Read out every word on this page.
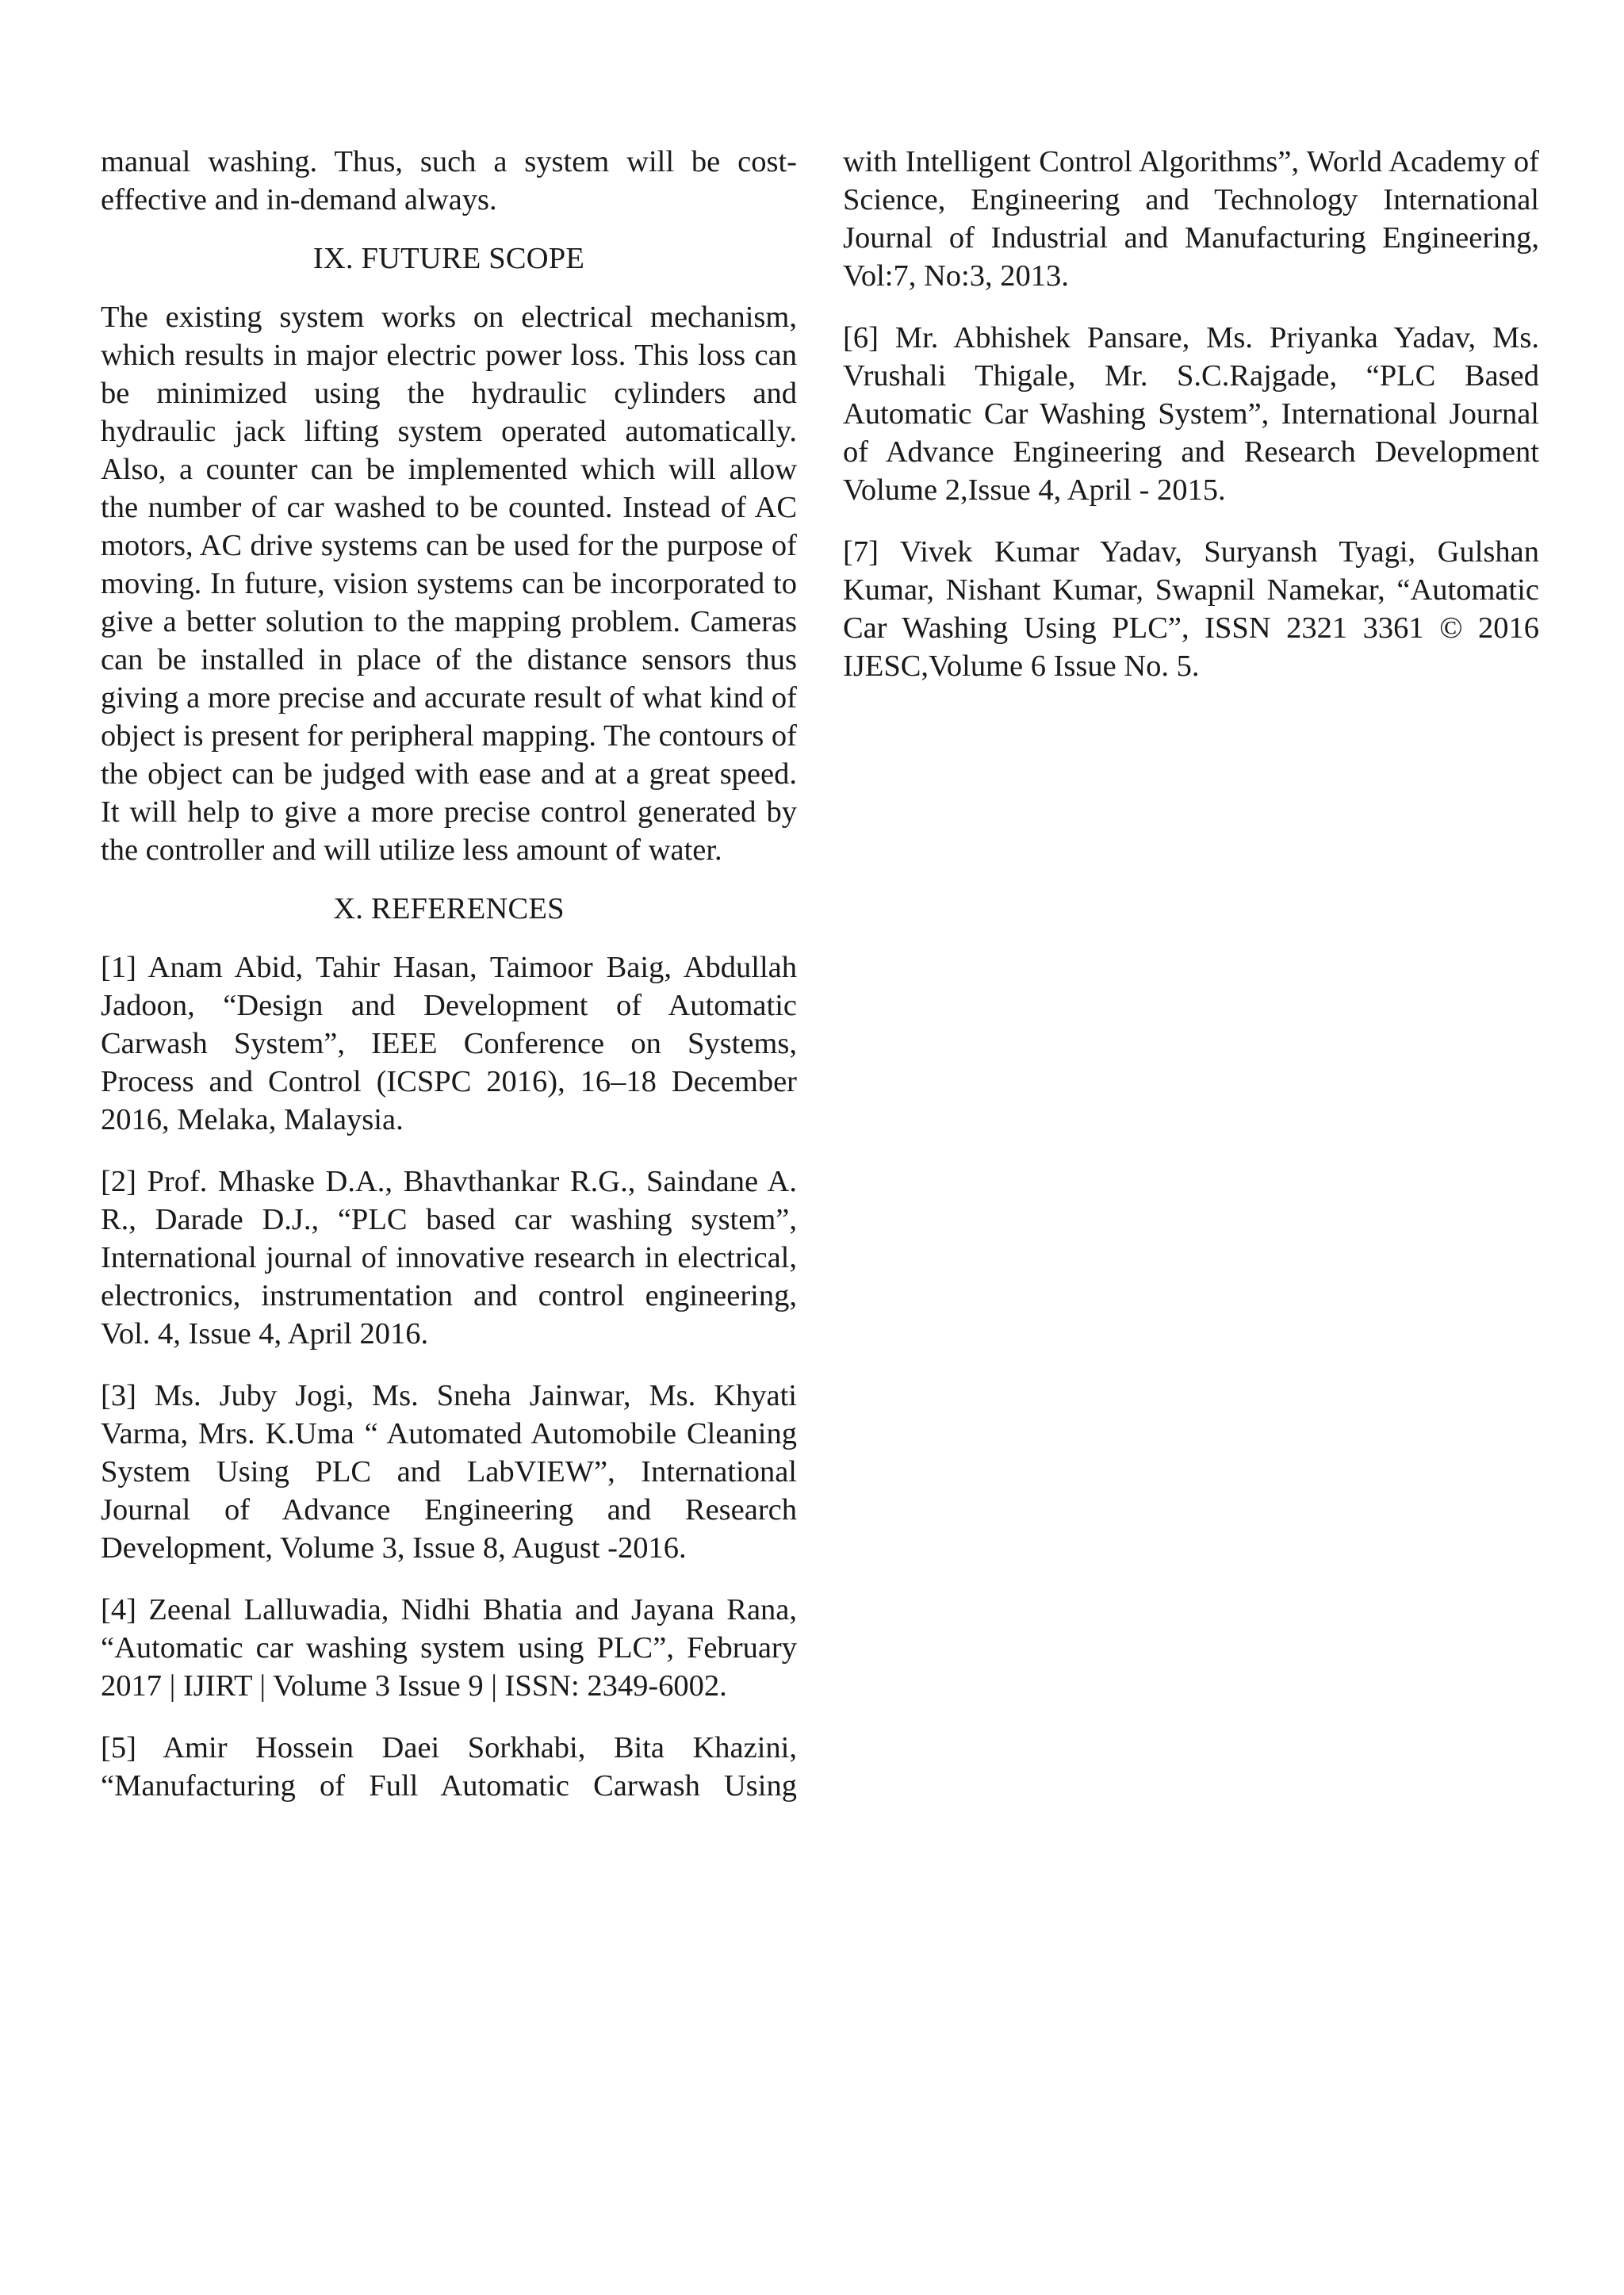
manual washing. Thus, such a system will be cost-effective and in-demand always.

IX. FUTURE SCOPE

The existing system works on electrical mechanism, which results in major electric power loss. This loss can be minimized using the hydraulic cylinders and hydraulic jack lifting system operated automatically. Also, a counter can be implemented which will allow the number of car washed to be counted. Instead of AC motors, AC drive systems can be used for the purpose of moving. In future, vision systems can be incorporated to give a better solution to the mapping problem. Cameras can be installed in place of the distance sensors thus giving a more precise and accurate result of what kind of object is present for peripheral mapping. The contours of the object can be judged with ease and at a great speed. It will help to give a more precise control generated by the controller and will utilize less amount of water.

X. REFERENCES

[1] Anam Abid, Tahir Hasan, Taimoor Baig, Abdullah Jadoon, “Design and Development of Automatic Carwash System”, IEEE Conference on Systems, Process and Control (ICSPC 2016), 16–18 December 2016, Melaka, Malaysia.

[2] Prof. Mhaske D.A., Bhavthankar R.G., Saindane A. R., Darade D.J., “PLC based car washing system”, International journal of innovative research in electrical, electronics, instrumentation and control engineering, Vol. 4, Issue 4, April 2016.

[3] Ms. Juby Jogi, Ms. Sneha Jainwar, Ms. Khyati Varma, Mrs. K.Uma “ Automated Automobile Cleaning System Using PLC and LabVIEW”, International Journal of Advance Engineering and Research Development, Volume 3, Issue 8, August -2016.

[4] Zeenal Lalluwadia, Nidhi Bhatia and Jayana Rana, “Automatic car washing system using PLC”, February 2017 | IJIRT | Volume 3 Issue 9 | ISSN: 2349-6002.

[5] Amir Hossein Daei Sorkhabi, Bita Khazini, “Manufacturing of Full Automatic Carwash Using

with Intelligent Control Algorithms”, World Academy of Science, Engineering and Technology International Journal of Industrial and Manufacturing Engineering, Vol:7, No:3, 2013.

[6] Mr. Abhishek Pansare, Ms. Priyanka Yadav, Ms. Vrushali Thigale, Mr. S.C.Rajgade, “PLC Based Automatic Car Washing System”, International Journal of Advance Engineering and Research Development Volume 2,Issue 4, April - 2015.

[7] Vivek Kumar Yadav, Suryansh Tyagi, Gulshan Kumar, Nishant Kumar, Swapnil Namekar, “Automatic Car Washing Using PLC”, ISSN 2321 3361 © 2016 IJESC,Volume 6 Issue No. 5.
